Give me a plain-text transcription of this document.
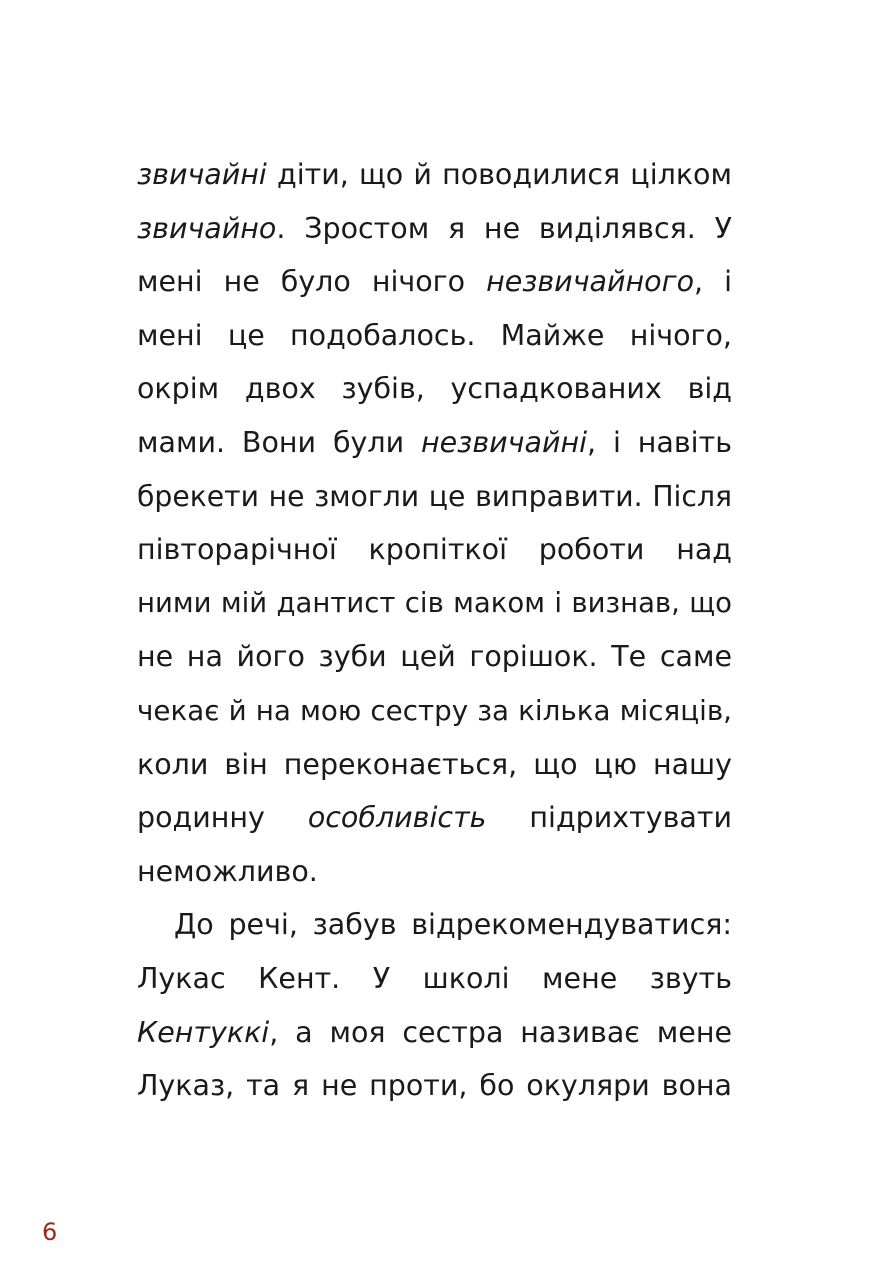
звичайні діти, що й поводилися цілком
звичайно. Зростом я не виділявся. У
мені не було нічого незвичайного, і
мені це подобалось. Майже нічого,
окрім двох зубів, успадкованих від
мами. Вони були незвичайні, і навіть
брекети не змогли це виправити. Після
півторарічної кропіткої роботи над
ними мій дантист сів маком і визнав, що
не на його зуби цей горішок. Те саме
чекає й на мою сестру за кілька місяців,
коли він переконається, що цю нашу
родинну особливість підрихтувати
неможливо.
До речі, забув відрекомендуватися:
Лукас Кент. У школі мене звуть
Кентуккі, а моя сестра називає мене
Луказ, та я не проти, бо окуляри вона
6
